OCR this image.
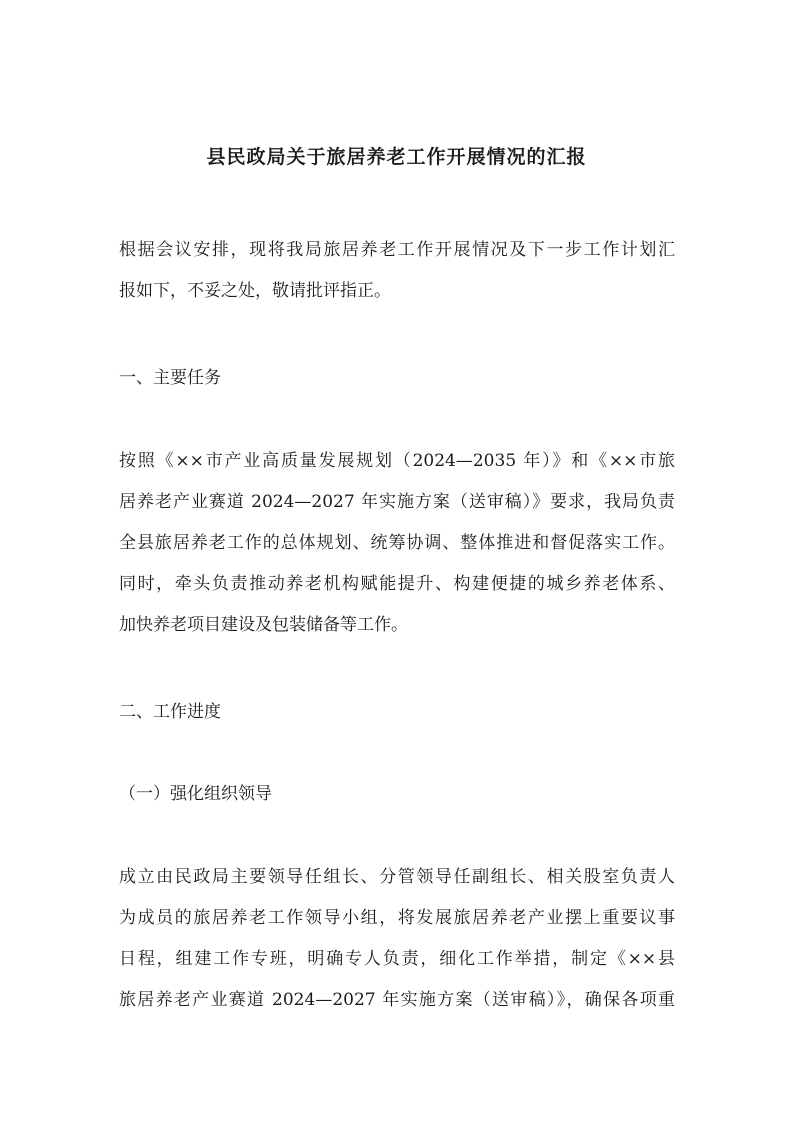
县民政局关于旅居养老工作开展情况的汇报
根据会议安排，现将我局旅居养老工作开展情况及下一步工作计划汇
报如下，不妥之处，敬请批评指正。

一、主要任务

按照《××市产业高质量发展规划（2024—2035 年）》和《××市旅
居养老产业赛道 2024—2027 年实施方案（送审稿）》要求，我局负责
全县旅居养老工作的总体规划、统筹协调、整体推进和督促落实工作。
同时，牵头负责推动养老机构赋能提升、构建便捷的城乡养老体系、
加快养老项目建设及包装储备等工作。

二、工作进度

（一）强化组织领导

成立由民政局主要领导任组长、分管领导任副组长、相关股室负责人
为成员的旅居养老工作领导小组，将发展旅居养老产业摆上重要议事
日程，组建工作专班，明确专人负责，细化工作举措，制定《××县
旅居养老产业赛道 2024—2027 年实施方案（送审稿）》，确保各项重
